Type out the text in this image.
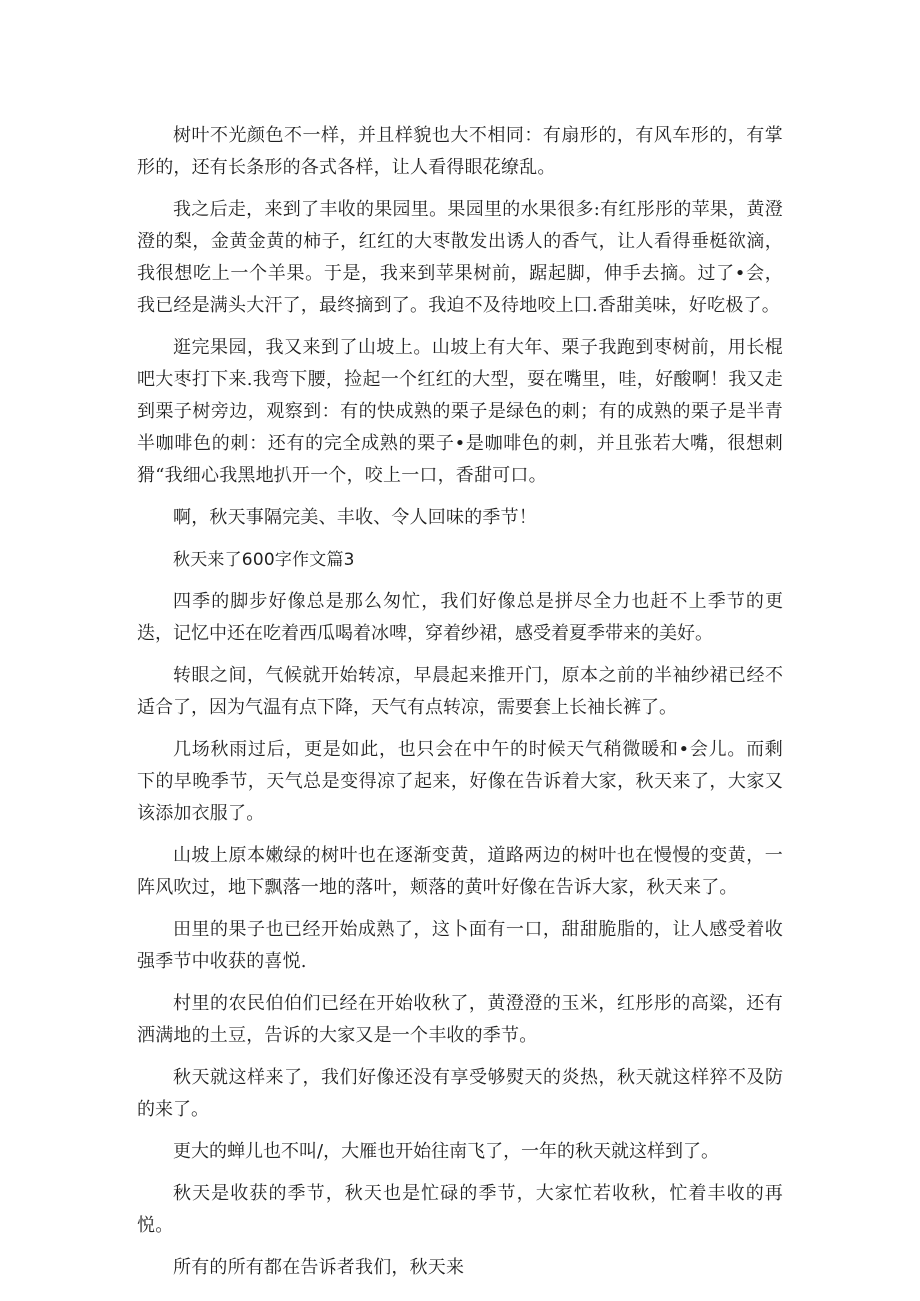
树叶不光颜色不一样，并且样貌也大不相同：有扇形的，有风车形的，有掌形的，还有长条形的各式各样，让人看得眼花缭乱。

我之后走，来到了丰收的果园里。果园里的水果很多:有红彤彤的苹果，黄澄澄的梨，金黄金黄的柿子，红红的大枣散发出诱人的香气，让人看得垂梃欲滴，我很想吃上一个羊果。于是，我来到苹果树前，踞起脚，伸手去摘。过了•会，我已经是满头大汗了，最终摘到了。我迫不及待地咬上囗.香甜美味，好吃极了。

逛完果园，我又来到了山坡上。山坡上有大年、栗子我跑到枣树前，用长棍吧大枣打下来.我弯下腰，捡起一个红红的大型，耍在嘴里，哇，好酸啊！我又走到栗子树旁边，观察到：有的快成熟的栗子是绿色的刺；有的成熟的栗子是半青半咖啡色的刺：还有的完全成熟的栗子•是咖啡色的刺，并且张若大嘴，很想刺猾“我细心我黑地扒开一个，咬上一口，香甜可口。

啊，秋天事隔完美、丰收、令人回味的季节！

秋天来了600字作文篇3

四季的脚步好像总是那么匆忙，我们好像总是拼尽全力也赶不上季节的更迭，记忆中还在吃着西瓜喝着冰啤，穿着纱裙，感受着夏季带来的美好。

转眼之间，气候就开始转凉，早晨起来推开门，原本之前的半袖纱裙已经不适合了，因为气温有点下降，天气有点转凉，需要套上长袖长裤了。

几场秋雨过后，更是如此，也只会在中午的时候天气稍微暖和•会儿。而剩下的早晚季节，天气总是变得凉了起来，好像在告诉着大家，秋天来了，大家又该添加衣服了。

山坡上原本嫩绿的树叶也在逐渐变黄，道路两边的树叶也在慢慢的变黄，一阵风吹过，地下飘落一地的落叶，颊落的黄叶好像在告诉大家，秋天来了。

田里的果子也已经开始成熟了，这卜面有一口，甜甜脆脂的，让人感受着收强季节中收获的喜悦.

村里的农民伯伯们已经在开始收秋了，黄澄澄的玉米，红彤彤的高粱，还有洒满地的土豆，告诉的大家又是一个丰收的季节。

秋天就这样来了，我们好像还没有享受够熨天的炎热，秋天就这样猝不及防的来了。

更大的蝉儿也不叫/，大雁也开始往南飞了，一年的秋天就这样到了。

秋天是收获的季节，秋天也是忙碌的季节，大家忙若收秋，忙着丰收的再悦。

所有的所有都在告诉者我们，秋天来
